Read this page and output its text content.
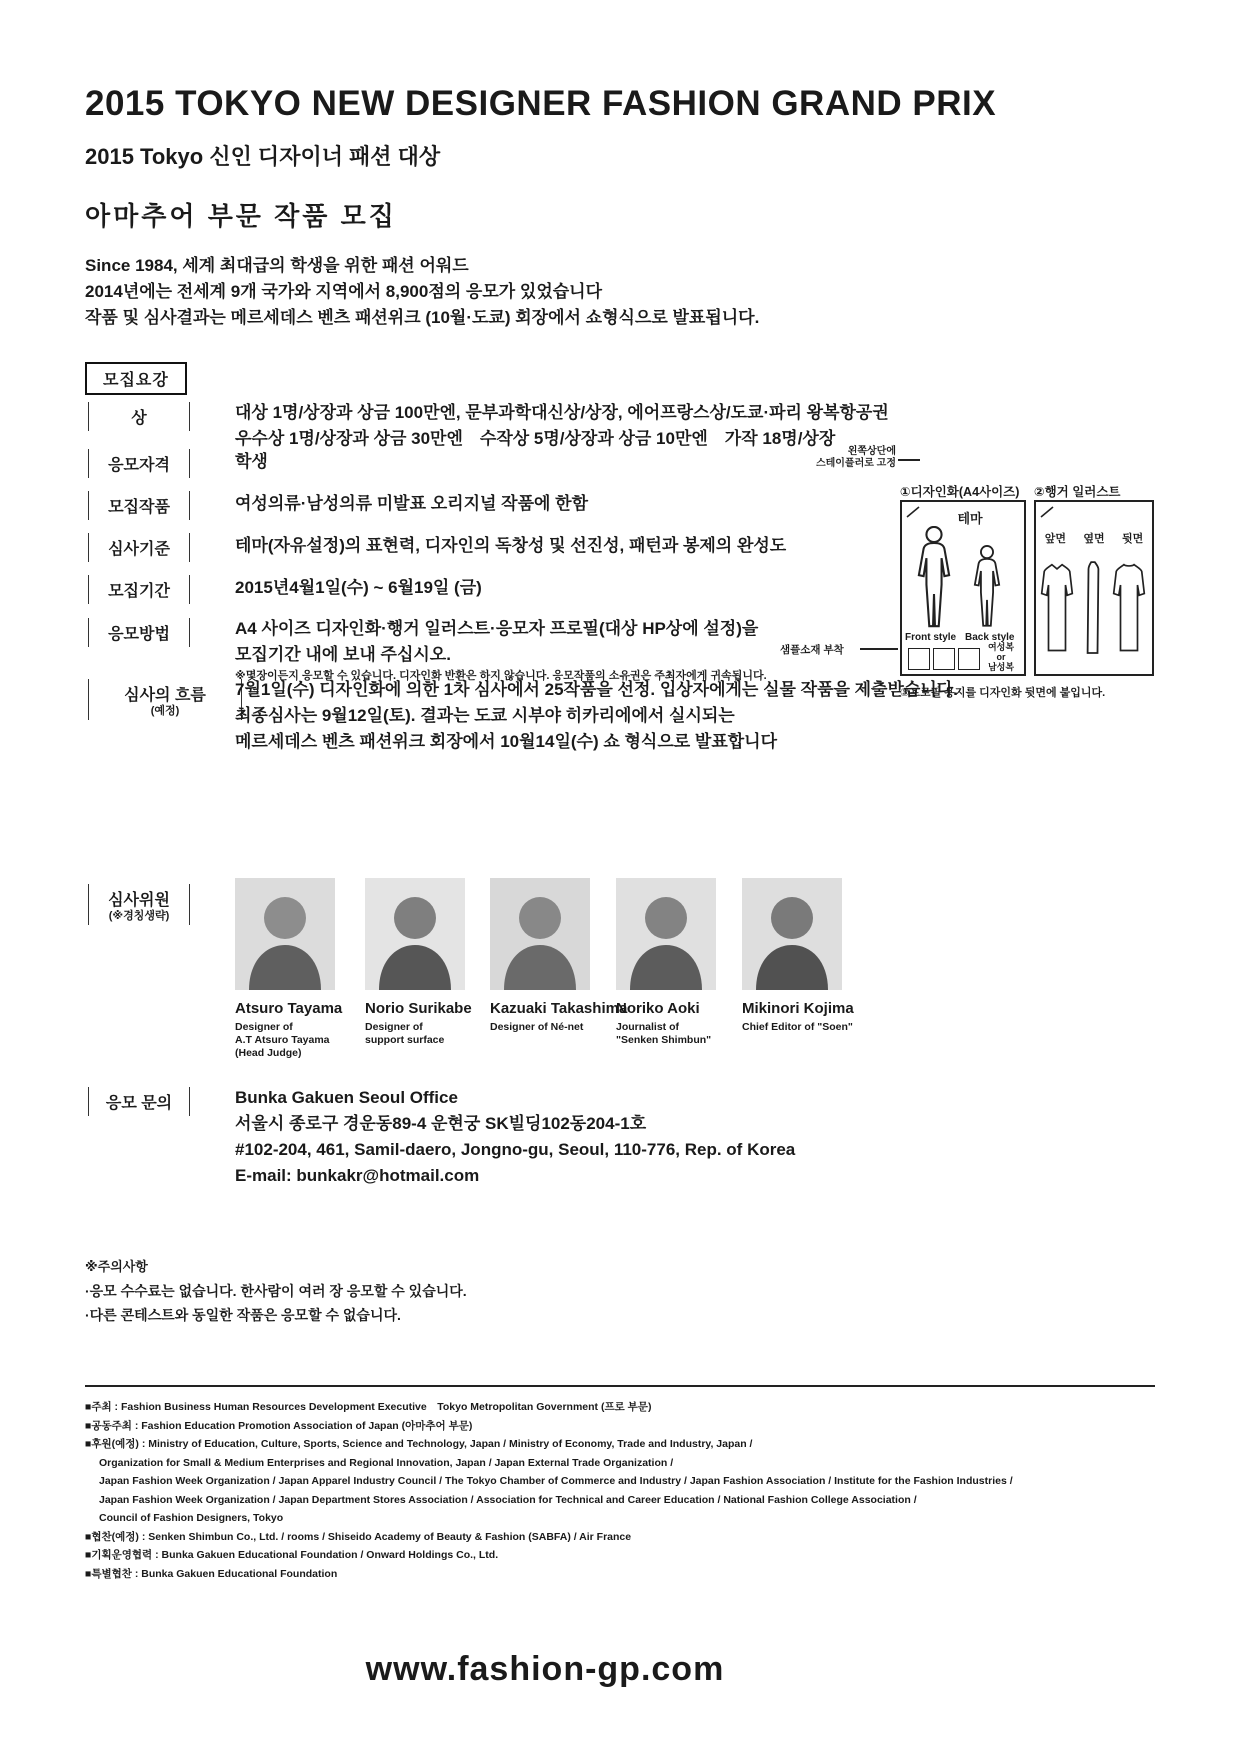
2015 TOKYO NEW DESIGNER FASHION GRAND PRIX
2015 Tokyo 신인 디자이너 패션 대상
아마추어 부문 작품 모집
Since 1984, 세계 최대급의 학생을 위한 패션 어워드
2014년에는 전세계 9개 국가와 지역에서 8,900점의 응모가 있었습니다
작품 및 심사결과는 메르세데스 벤츠 패션위크 (10월·도쿄) 회장에서 쇼형식으로 발표됩니다.
모집요강
상	대상 1명/상장과 상금 100만엔, 문부과학대신상/상장, 에어프랑스상/도쿄·파리 왕복항공권
우수상 1명/상장과 상금 30만엔　수작상 5명/상장과 상금 10만엔　가작 18명/상장
응모자격	학생
모집작품	여성의류·남성의류 미발표 오리지널 작품에 한함
심사기준	테마(자유설정)의 표현력, 디자인의 독창성 및 선진성, 패턴과 봉제의 완성도
모집기간	2015년4월1일(수) ~ 6월19일 (금)
응모방법	A4 사이즈 디자인화·행거 일러스트·응모자 프로필(대상 HP상에 설정)을
모집기간 내에 보내 주십시오.
※몇장이든지 응모할 수 있습니다. 디자인화 반환은 하지 않습니다. 응모작품의 소유권은 주최자에게 귀속됩니다.
심사의 흐름
(예정)
7월1일(수) 디자인화에 의한 1차 심사에서 25작품을 선정. 입상자에게는 실물 작품을 제출받습니다.
최종심사는 9월12일(토). 결과는 도쿄 시부야 히카리에에서 실시되는
메르세데스 벤츠 패션위크 회장에서 10월14일(수) 쇼 형식으로 발표합니다
심사위원
(※경칭생략)
Atsuro Tayama
Designer of
A.T Atsuro Tayama
(Head Judge)
Norio Surikabe
Designer of
support surface
Kazuaki Takashima
Designer of Né-net
Noriko Aoki
Journalist of
"Senken Shimbun"
Mikinori Kojima
Chief Editor of "Soen"
응모 문의	Bunka Gakuen Seoul Office
서울시 종로구 경운동89-4 운현궁 SK빌딩102동204-1호
#102-204, 461, Samil-daero, Jongno-gu, Seoul, 110-776, Rep. of Korea
E-mail: bunkakr@hotmail.com
왼쪽상단에
스테이플러로 고정
①디자인화(A4사이즈) ②행거 일러스트
테마
Front style Back style
여성복
or
남성복
앞면 옆면 뒷면
샘플소재 부착
③프로필 용지를 디자인화 뒷면에 붙입니다.
※주의사항
·응모 수수료는 없습니다. 한사람이 여러 장 응모할 수 있습니다.
·다른 콘테스트와 동일한 작품은 응모할 수 없습니다.
■주최 : Fashion Business Human Resources Development Executive　Tokyo Metropolitan Government (프로 부문)
■공동주최 : Fashion Education Promotion Association of Japan (아마추어 부문)
■후원(예정) : Ministry of Education, Culture, Sports, Science and Technology, Japan / Ministry of Economy, Trade and Industry, Japan /
Organization for Small & Medium Enterprises and Regional Innovation, Japan / Japan External Trade Organization /
Japan Fashion Week Organization / Japan Apparel Industry Council / The Tokyo Chamber of Commerce and Industry / Japan Fashion Association / Institute for the Fashion Industries /
Japan Fashion Week Organization / Japan Department Stores Association / Association for Technical and Career Education / National Fashion College Association /
Council of Fashion Designers, Tokyo
■협찬(예정) : Senken Shimbun Co., Ltd. / rooms / Shiseido Academy of Beauty & Fashion (SABFA) / Air France
■기획운영협력 : Bunka Gakuen Educational Foundation / Onward Holdings Co., Ltd.
■특별협찬 : Bunka Gakuen Educational Foundation
www.fashion-gp.com
